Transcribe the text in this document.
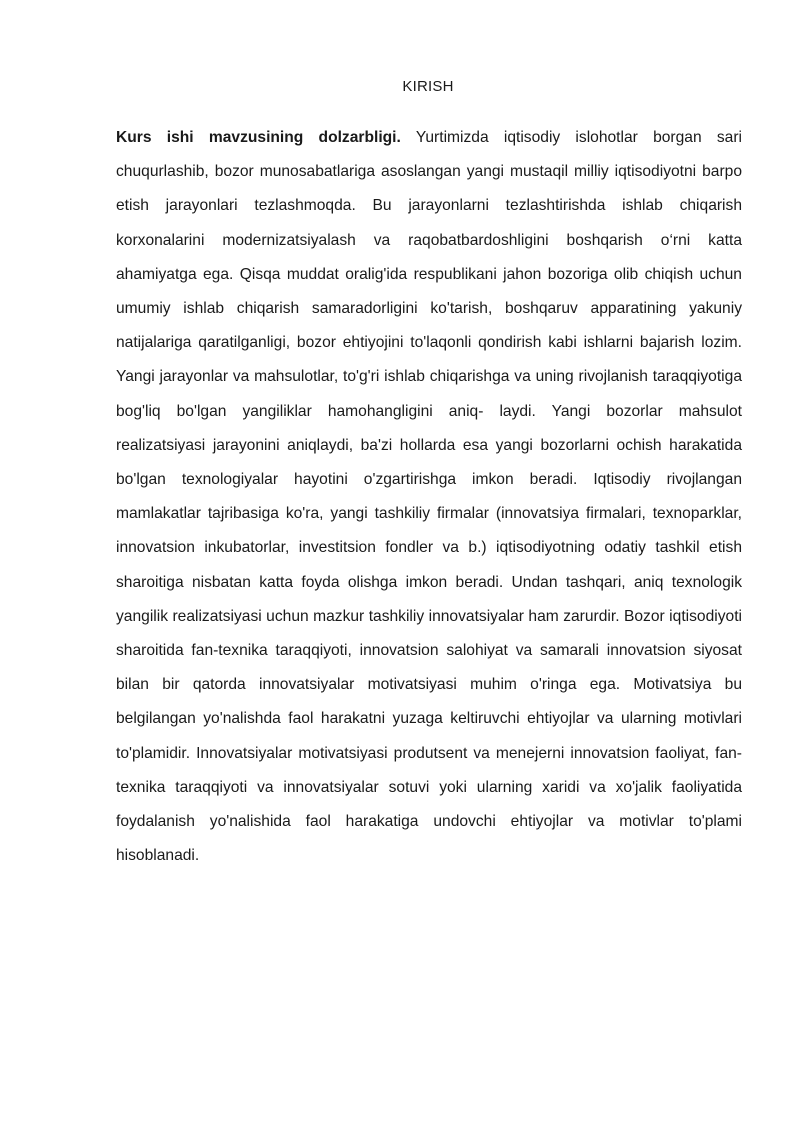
KIRISH

Kurs ishi mavzusining dolzarbligi. Yurtimizda iqtisodiy islohotlar borgan sari chuqurlashib, bozor munosabatlariga asoslangan yangi mustaqil milliy iqtisodiyotni barpo etish jarayonlari tezlashmoqda. Bu jarayonlarni tezlashtirishda ishlab chiqarish korxonalarini modernizatsiyalash va raqobatbardoshligini boshqarish o‘rni katta ahamiyatga ega. Qisqa muddat oralig'ida respublikani jahon bozoriga olib chiqish uchun umumiy ishlab chiqarish samaradorligini ko'tarish, boshqaruv apparatining yakuniy natijalariga qaratilganligi, bozor ehtiyojini to'laqonli qondirish kabi ishlarni bajarish lozim. Yangi jarayonlar va mahsulotlar, to'g'ri ishlab chiqarishga va uning rivojlanish taraqqiyotiga bog'liq bo'lgan yangiliklar hamohangligini aniq- laydi. Yangi bozorlar mahsulot realizatsiyasi jarayonini aniqlaydi, ba'zi hollarda esa yangi bozorlarni ochish harakatida bo'lgan texnologiyalar hayotini o'zgartirishga imkon beradi. Iqtisodiy rivojlangan mamlakatlar tajribasiga ko'ra, yangi tashkiliy firmalar (innovatsiya firmalari, texnoparklar, innovatsion inkubatorlar, investitsion fondler va b.) iqtisodiyotning odatiy tashkil etish sharoitiga nisbatan katta foyda olishga imkon beradi. Undan tashqari, aniq texnologik yangilik realizatsiyasi uchun mazkur tashkiliy innovatsiyalar ham zarurdir. Bozor iqtisodiyoti sharoitida fan-texnika taraqqiyoti, innovatsion salohiyat va samarali innovatsion siyosat bilan bir qatorda innovatsiyalar motivatsiyasi muhim o'ringa ega. Motivatsiya bu belgilangan yo'nalishda faol harakatni yuzaga keltiruvchi ehtiyojlar va ularning motivlari to'plamidir. Innovatsiyalar motivatsiyasi produtsent va menejerni innovatsion faoliyat, fan-texnika taraqqiyoti va innovatsiyalar sotuvi yoki ularning xaridi va xo'jalik faoliyatida foydalanish yo'nalishida faol harakatiga undovchi ehtiyojlar va motivlar to'plami hisoblanadi.
